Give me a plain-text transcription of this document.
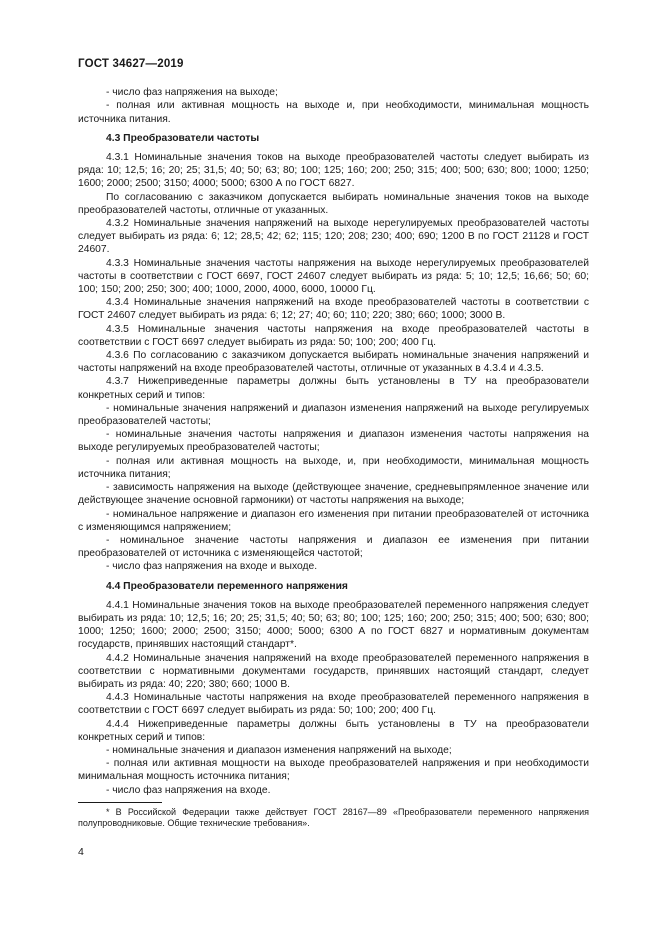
ГОСТ 34627—2019

- число фаз напряжения на выходе;

- полная или активная мощность на выходе и, при необходимости, минимальная мощность источника питания.

4.3 Преобразователи частоты

4.3.1 Номинальные значения токов на выходе преобразователей частоты следует выбирать из ряда: 10; 12,5; 16; 20; 25; 31,5; 40; 50; 63; 80; 100; 125; 160; 200; 250; 315; 400; 500; 630; 800; 1000; 1250; 1600; 2000; 2500; 3150; 4000; 5000; 6300 А по ГОСТ 6827.

По согласованию с заказчиком допускается выбирать номинальные значения токов на выходе преобразователей частоты, отличные от указанных.

4.3.2 Номинальные значения напряжений на выходе нерегулируемых преобразователей частоты следует выбирать из ряда: 6; 12; 28,5; 42; 62; 115; 120; 208; 230; 400; 690; 1200 В по ГОСТ 21128 и ГОСТ 24607.

4.3.3 Номинальные значения частоты напряжения на выходе нерегулируемых преобразователей частоты в соответствии с ГОСТ 6697, ГОСТ 24607 следует выбирать из ряда: 5; 10; 12,5; 16,66; 50; 60; 100; 150; 200; 250; 300; 400; 1000, 2000, 4000, 6000, 10000 Гц.

4.3.4 Номинальные значения напряжений на входе преобразователей частоты в соответствии с ГОСТ 24607 следует выбирать из ряда: 6; 12; 27; 40; 60; 110; 220; 380; 660; 1000; 3000 В.

4.3.5 Номинальные значения частоты напряжения на входе преобразователей частоты в соответствии с ГОСТ 6697 следует выбирать из ряда: 50; 100; 200; 400 Гц.

4.3.6 По согласованию с заказчиком допускается выбирать номинальные значения напряжений и частоты напряжений на входе преобразователей частоты, отличные от указанных в 4.3.4 и 4.3.5.

4.3.7 Нижеприведенные параметры должны быть установлены в ТУ на преобразователи конкретных серий и типов:

- номинальные значения напряжений и диапазон изменения напряжений на выходе регулируемых преобразователей частоты;

- номинальные значения частоты напряжения и диапазон изменения частоты напряжения на выходе регулируемых преобразователей частоты;

- полная или активная мощность на выходе, и, при необходимости, минимальная мощность источника питания;

- зависимость напряжения на выходе (действующее значение, средневыпрямленное значение или действующее значение основной гармоники) от частоты напряжения на выходе;

- номинальное напряжение и диапазон его изменения при питании преобразователей от источника с изменяющимся напряжением;

- номинальное значение частоты напряжения и диапазон ее изменения при питании преобразователей от источника с изменяющейся частотой;

- число фаз напряжения на входе и выходе.

4.4 Преобразователи переменного напряжения

4.4.1 Номинальные значения токов на выходе преобразователей переменного напряжения следует выбирать из ряда: 10; 12,5; 16; 20; 25; 31,5; 40; 50; 63; 80; 100; 125; 160; 200; 250; 315; 400; 500; 630; 800; 1000; 1250; 1600; 2000; 2500; 3150; 4000; 5000; 6300 А по ГОСТ 6827 и нормативным документам государств, принявших настоящий стандарт*.

4.4.2 Номинальные значения напряжений на входе преобразователей переменного напряжения в соответствии с нормативными документами государств, принявших настоящий стандарт, следует выбирать из ряда: 40; 220; 380; 660; 1000 В.

4.4.3 Номинальные частоты напряжения на входе преобразователей переменного напряжения в соответствии с ГОСТ 6697 следует выбирать из ряда: 50; 100; 200; 400 Гц.

4.4.4 Нижеприведенные параметры должны быть установлены в ТУ на преобразователи конкретных серий и типов:

- номинальные значения и диапазон изменения напряжений на выходе;

- полная или активная мощности на выходе преобразователей напряжения и при необходимости минимальная мощность источника питания;

- число фаз напряжения на входе.

* В Российской Федерации также действует ГОСТ 28167—89 «Преобразователи переменного напряжения полупроводниковые. Общие технические требования».

4
